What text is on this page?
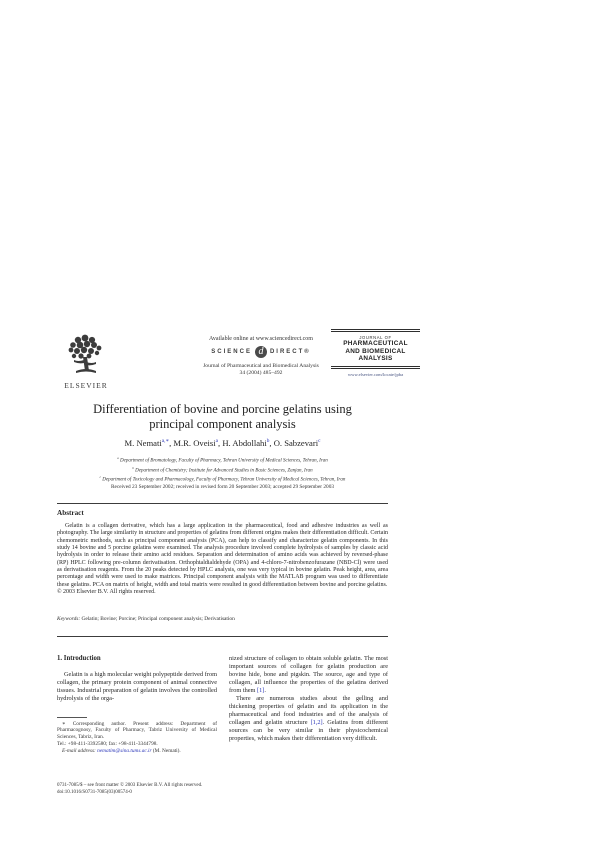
ELSEVIER
Available online at www.sciencedirect.com
SCIENCE d	DIRECT®
Journal of Pharmaceutical and Biomedical Analysis
34 (2004) 485–492
JOURNAL OF
PHARMACEUTICAL
AND BIOMEDICAL
ANALYSIS
www.elsevier.com/locate/jpba
Differentiation of bovine and porcine gelatins using
principal component analysis
M. Nemati$^{a,∗}$, M.R. Oveisi$^a$, H. Abdollahi$^b$, O. Sabzevari$^c$
$^a$ Department of Bromatology, Faculty of Pharmacy, Tehran University of Medical Sciences, Tehran, Iran
$^b$ Department of Chemistry; Institute for Advanced Studies in Basic Sciences, Zanjan, Iran
$^c$ Department of Toxicology and Pharmacology, Faculty of Pharmacy, Tehran University of Medical Sciences, Tehran, Iran
Received 23 September 2002; received in revised form 20 September 2003; accepted 29 September 2003
Abstract
Gelatin is a collagen derivative, which has a large application in the pharmaceutical, food and adhesive industries as well as photography. The large similarity in structure and properties of gelatins from different origins makes their differentiation difficult. Certain chemometric methods, such as principal component analysis (PCA), can help to classify and characterize gelatin components. In this study 14 bovine and 5 porcine gelatins were examined. The analysis procedure involved complete hydrolysis of samples by classic acid hydrolysis in order to release their amino acid residues. Separation and determination of amino acids was achieved by reversed-phase (RP) HPLC following pre-column derivatisation. Orthophtaldialdehyde (OPA) and 4-chloro-7-nitrobenzofurazane (NBD-Cl) were used as derivatisation reagents. From the 20 peaks detected by HPLC analysis, one was very typical in bovine gelatin. Peak height, area, area percentage and width were used to make matrices. Principal component analysis with the MATLAB program was used to differentiate these gelatins. PCA on matrix of height, width and total matrix were resulted in good differentiation between bovine and porcine gelatins.
© 2003 Elsevier B.V. All rights reserved.
Keywords: Gelatin; Bovine; Porcine; Principal component analysis; Derivatisation
1. Introduction

Gelatin is a high molecular weight polypeptide derived from collagen, the primary protein component of animal connective tissues. Industrial preparation of gelatin involves the controlled hydrolysis of the orga-

∗ Corresponding author. Present address: Department of Pharmacognosy, Faculty of Pharmacy, Tabriz University of Medical Sciences, Tabriz, Iran.

Tel.: +98-411-3392580; fax: +98-411-3344798.

E-mail address: nematim@sina.tums.ac.ir (M. Nemati).

nized structure of collagen to obtain soluble gelatin. The most important sources of collagen for gelatin production are bovine hide, bone and pigskin. The source, age and type of collagen, all influence the properties of the gelatins derived from them [1].

There are numerous studies about the gelling and thickening properties of gelatin and its application in the pharmaceutical and food industries and of the analysis of collagen and gelatin structure [1,2]. Gelatins from different sources can be very similar in their physicochemical properties, which makes their differentiation very difficult.

0731-7085/$ – see front matter © 2003 Elsevier B.V. All rights reserved.
doi:10.1016/S0731-7085(03)00574-0
